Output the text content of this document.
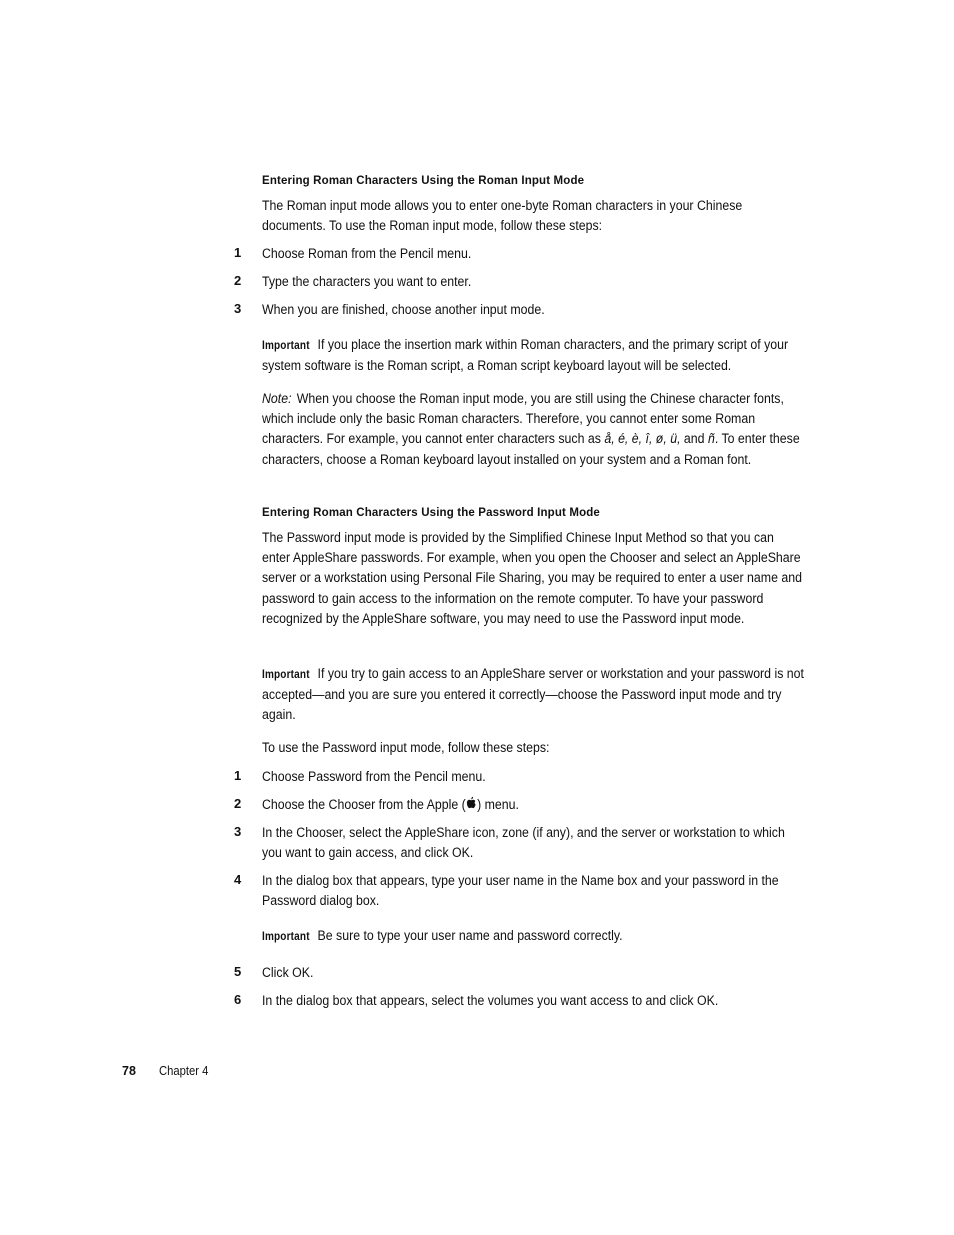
Entering Roman Characters Using the Roman Input Mode

The Roman input mode allows you to enter one-byte Roman characters in your Chinese documents. To use the Roman input mode, follow these steps:

1 Choose Roman from the Pencil menu.

2 Type the characters you want to enter.

3 When you are finished, choose another input mode.

Important If you place the insertion mark within Roman characters, and the primary script of your system software is the Roman script, a Roman script keyboard layout will be selected.

Note: When you choose the Roman input mode, you are still using the Chinese character fonts, which include only the basic Roman characters. Therefore, you cannot enter some Roman characters. For example, you cannot enter characters such as å, é, è, î, ø, ü, and ñ. To enter these characters, choose a Roman keyboard layout installed on your system and a Roman font.

Entering Roman Characters Using the Password Input Mode

The Password input mode is provided by the Simplified Chinese Input Method so that you can enter AppleShare passwords. For example, when you open the Chooser and select an AppleShare server or a workstation using Personal File Sharing, you may be required to enter a user name and password to gain access to the information on the remote computer. To have your password recognized by the AppleShare software, you may need to use the Password input mode.

Important If you try to gain access to an AppleShare server or workstation and your password is not accepted—and you are sure you entered it correctly—choose the Password input mode and try again.

To use the Password input mode, follow these steps:

1 Choose Password from the Pencil menu.

2 Choose the Chooser from the Apple ( ) menu.

3 In the Chooser, select the AppleShare icon, zone (if any), and the server or workstation to which you want to gain access, and click OK.

4 In the dialog box that appears, type your user name in the Name box and your password in the Password dialog box.

Important Be sure to type your user name and password correctly.

5 Click OK.

6 In the dialog box that appears, select the volumes you want access to and click OK.

78 Chapter 4
